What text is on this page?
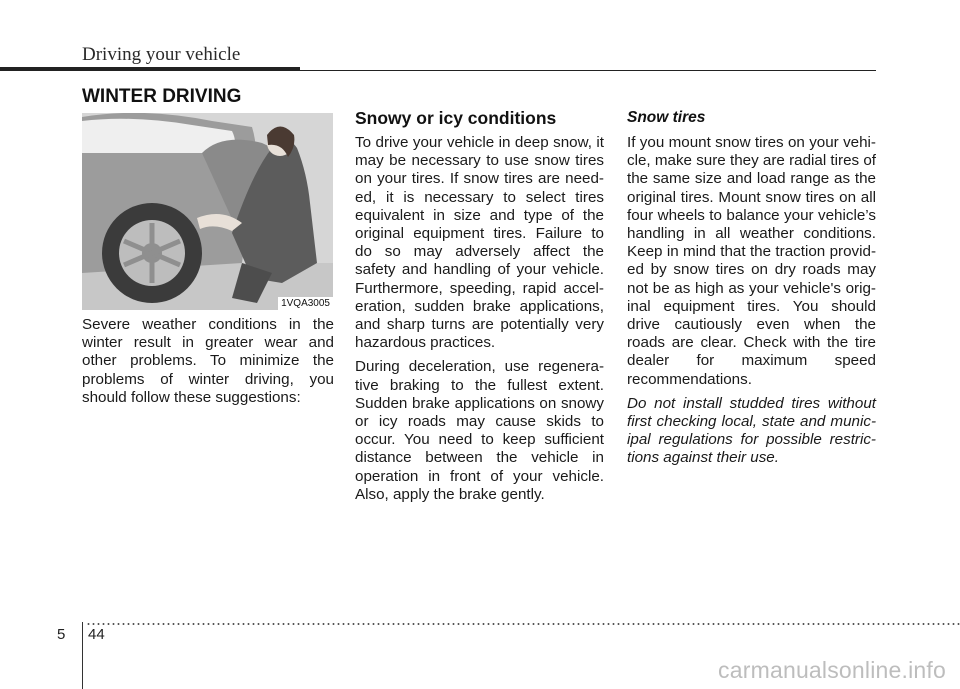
Driving your vehicle
WINTER DRIVING
1VQA3005

Severe weather conditions in the winter result in greater wear and other problems. To minimize the problems of winter driving, you should follow these suggestions:

Snowy or icy conditions

To drive your vehicle in deep snow, it may be necessary to use snow tires on your tires. If snow tires are need-ed, it is necessary to select tires equivalent in size and type of the original equipment tires. Failure to do so may adversely affect the safety and handling of your vehicle. Furthermore, speeding, rapid accel-eration, sudden brake applications, and sharp turns are potentially very hazardous practices.

During deceleration, use regenera-tive braking to the fullest extent. Sudden brake applications on snowy or icy roads may cause skids to occur. You need to keep sufficient distance between the vehicle in operation in front of your vehicle. Also, apply the brake gently.

Snow tires

If you mount snow tires on your vehi-cle, make sure they are radial tires of the same size and load range as the original tires. Mount snow tires on all four wheels to balance your vehicle’s handling in all weather conditions. Keep in mind that the traction provid-ed by snow tires on dry roads may not be as high as your vehicle's orig-inal equipment tires. You should drive cautiously even when the roads are clear. Check with the tire dealer for maximum speed recommendations.

Do not install studded tires without first checking local, state and munic-ipal regulations for possible restric-tions against their use.

5 44
carmanualsonline.info
